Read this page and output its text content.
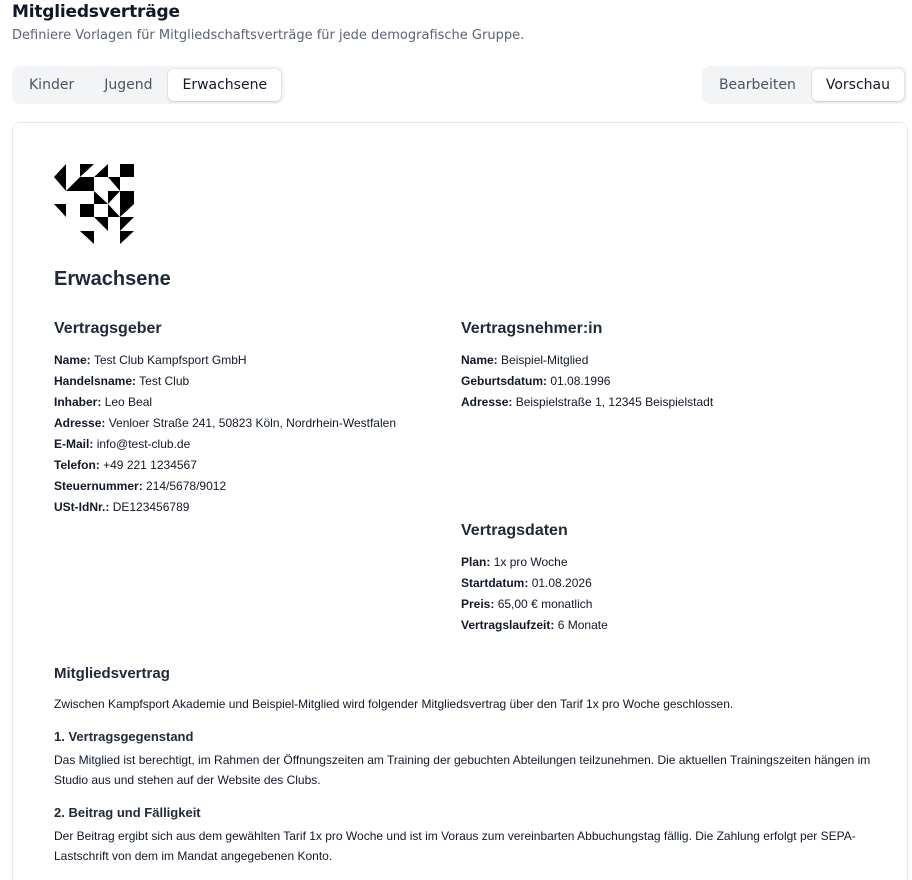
Mitgliedsverträge
Definiere Vorlagen für Mitgliedschaftsverträge für jede demografische Gruppe.
Kinder	Jugend	Erwachsene	Bearbeiten	Vorschau
Erwachsene
Vertragsgeber
Name: Test Club Kampfsport GmbH
Handelsname: Test Club
Inhaber: Leo Beal
Adresse: Venloer Straße 241, 50823 Köln, Nordrhein-Westfalen
E-Mail: info@test-club.de
Telefon: +49 221 1234567
Steuernummer: 214/5678/9012
USt-IdNr.: DE123456789
Vertragsnehmer:in
Name: Beispiel-Mitglied
Geburtsdatum: 01.08.1996
Adresse: Beispielstraße 1, 12345 Beispielstadt
Vertragsdaten
Plan: 1x pro Woche
Startdatum: 01.08.2026
Preis: 65,00 € monatlich
Vertragslaufzeit: 6 Monate
Mitgliedsvertrag
Zwischen Kampfsport Akademie und Beispiel-Mitglied wird folgender Mitgliedsvertrag über den Tarif 1x pro Woche geschlossen.
1. Vertragsgegenstand
Das Mitglied ist berechtigt, im Rahmen der Öffnungszeiten am Training der gebuchten Abteilungen teilzunehmen. Die aktuellen Trainingszeiten hängen im Studio aus und stehen auf der Website des Clubs.
2. Beitrag und Fälligkeit
Der Beitrag ergibt sich aus dem gewählten Tarif 1x pro Woche und ist im Voraus zum vereinbarten Abbuchungstag fällig. Die Zahlung erfolgt per SEPA-Lastschrift von dem im Mandat angegebenen Konto.
